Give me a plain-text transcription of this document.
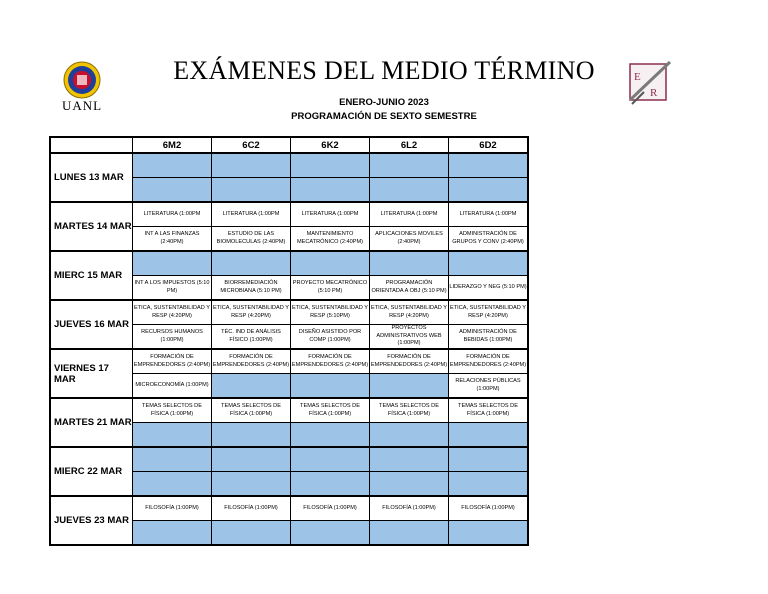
UANL
E
R
EXÁMENES DEL MEDIO TÉRMINO
ENERO-JUNIO 2023
PROGRAMACIÓN DE SEXTO SEMESTRE
	6M2	6C2	6K2	6L2	6D2
LUNES 13 MAR					

MARTES 14 MAR	LITERATURA (1:00PM	LITERATURA (1:00PM	LITERATURA (1:00PM	LITERATURA (1:00PM	LITERATURA (1:00PM
	INT A LAS FINANZAS (2:40PM)	ESTUDIO DE LAS BIOMOLECULAS (2:40PM)	MANTENIMIENTO MECATRÓNICO (2:40PM)	APLICACIONES MOVILES (2:40PM)	ADMINISTRACIÓN DE GRUPOS Y CONV (2:40PM)
MIERC 15 MAR					
	INT A LOS IMPUESTOS (5:10 PM)	BIORREMEDIACIÓN MICROBIANA (5:10 PM)	PROYECTO MECATRÓNICO (5:10 PM)	PROGRAMACIÓN ORIENTADA A OBJ (5:10 PM)	LIDERAZGO Y NEG (5:10 PM)
JUEVES 16 MAR	ETICA, SUSTENTABILIDAD Y RESP (4:20PM)	ETICA, SUSTENTABILIDAD Y RESP (4:20PM)	ETICA, SUSTENTABILIDAD Y RESP (5:10PM)	ETICA, SUSTENTABILIDAD Y RESP (4:20PM)	ETICA, SUSTENTABILIDAD Y RESP (4:20PM)
	RECURSOS HUMANOS (1:00PM)	TÉC. IND DE ANÁLISIS FÍSICO (1:00PM)	DISEÑO ASISTIDO POR COMP (1:00PM)	PROYECTOS ADMINISTRATIVOS WEB (1:00PM)	ADMINISTRACIÓN DE BEBIDAS (1:00PM)
VIERNES 17 MAR	FORMACIÓN DE EMPRENDEDORES (2:40PM)	FORMACIÓN DE EMPRENDEDORES (2:40PM)	FORMACIÓN DE EMPRENDEDORES (2:40PM)	FORMACIÓN DE EMPRENDEDORES (2:40PM)	FORMACIÓN DE EMPRENDEDORES (2:40PM)
	MICROECONOMÍA (1:00PM)				RELACIONES PÚBLICAS (1:00PM)
MARTES 21 MAR	TEMAS SELECTOS DE FÍSICA (1:00PM)	TEMAS SELECTOS DE FÍSICA (1:00PM)	TEMAS SELECTOS DE FÍSICA (1:00PM)	TEMAS SELECTOS DE FÍSICA (1:00PM)	TEMAS SELECTOS DE FÍSICA (1:00PM)

MIERC 22 MAR					

JUEVES 23 MAR	FILOSOFÍA (1:00PM)	FILOSOFÍA (1:00PM)	FILOSOFÍA (1:00PM)	FILOSOFÍA (1:00PM)	FILOSOFÍA (1:00PM)
